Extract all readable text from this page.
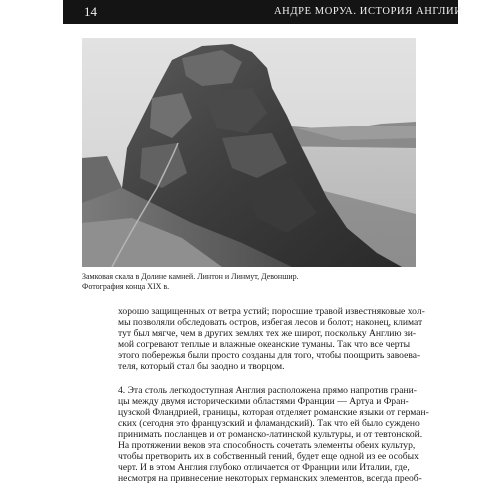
14	АНДРЕ МОРУА. ИСТОРИЯ АНГЛИИ
Замковая скала в Долине камней. Линтон и Линмут, Девоншир.
Фотография конца XIX в.
хорошо защищенных от ветра устий; поросшие травой известняковые хол-
мы позволяли обследовать остров, избегая лесов и болот; наконец, климат
тут был мягче, чем в других землях тех же широт, поскольку Англию зи-
мой согревают теплые и влажные океанские туманы. Так что все черты
этого побережья были просто созданы для того, чтобы поощрить завоева-
теля, который стал бы заодно и творцом.
4. Эта столь легкодоступная Англия расположена прямо напротив грани-
цы между двумя историческими областями Франции — Артуа и Фран-
цузской Фландрией, границы, которая отделяет романские языки от герман-
ских (сегодня это французский и фламандский). Так что ей было суждено
принимать посланцев и от романско-латинской культуры, и от тевтонской.
На протяжении веков эта способность сочетать элементы обеих культур,
чтобы претворить их в собственный гений, будет еще одной из ее особых
черт. И в этом Англия глубоко отличается от Франции или Италии, где,
несмотря на привнесение некоторых германских элементов, всегда преоб-
